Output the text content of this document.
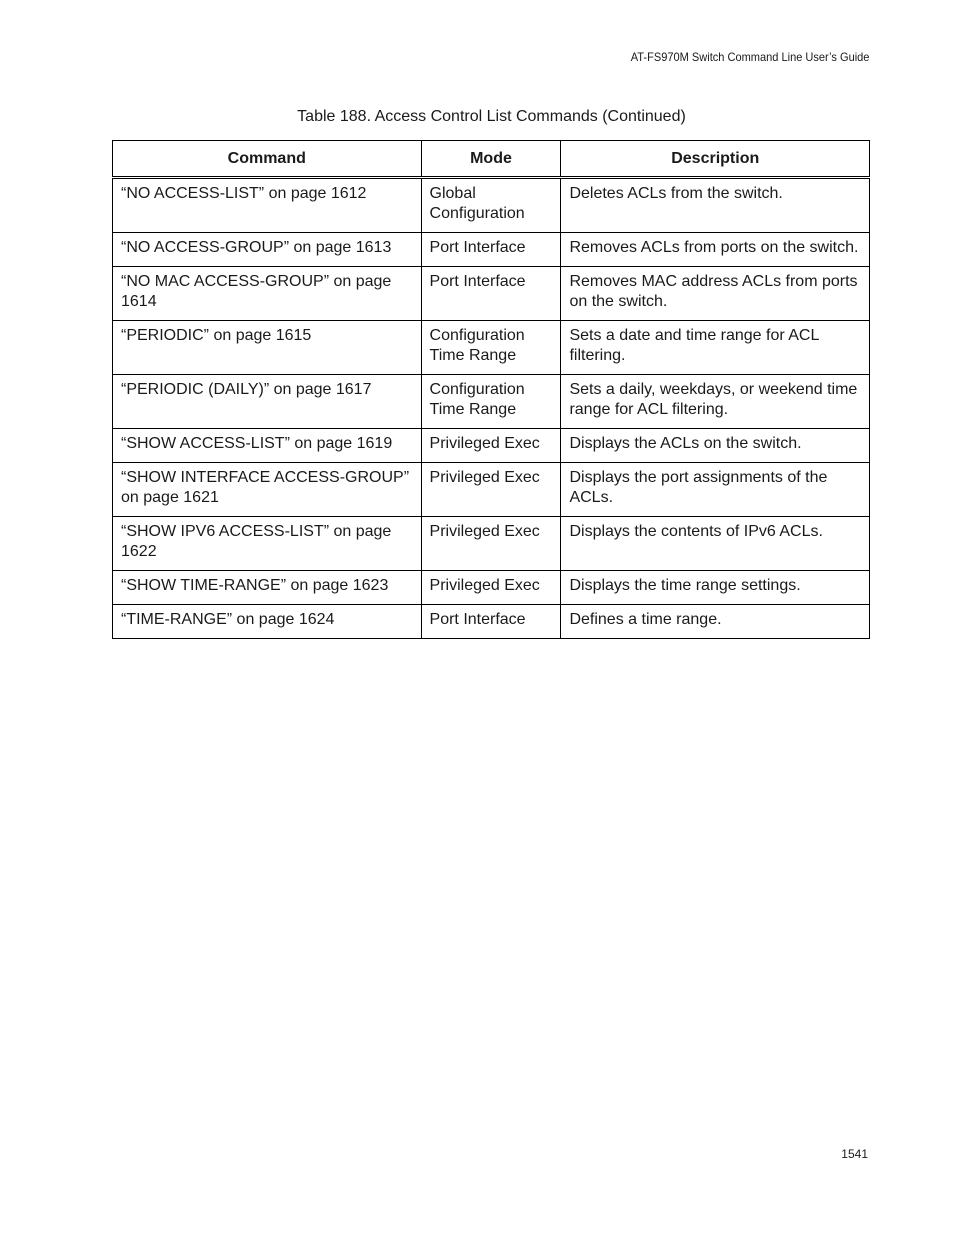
AT-FS970M Switch Command Line User’s Guide
Table 188. Access Control List Commands (Continued)
Command	Mode	Description
“NO ACCESS-LIST” on page 1612	Global Configuration	Deletes ACLs from the switch.
“NO ACCESS-GROUP” on page 1613	Port Interface	Removes ACLs from ports on the switch.
“NO MAC ACCESS-GROUP” on page 1614	Port Interface	Removes MAC address ACLs from ports on the switch.
“PERIODIC” on page 1615	Configuration Time Range	Sets a date and time range for ACL filtering.
“PERIODIC (DAILY)” on page 1617	Configuration Time Range	Sets a daily, weekdays, or weekend time range for ACL filtering.
“SHOW ACCESS-LIST” on page 1619	Privileged Exec	Displays the ACLs on the switch.
“SHOW INTERFACE ACCESS-GROUP” on page 1621	Privileged Exec	Displays the port assignments of the ACLs.
“SHOW IPV6 ACCESS-LIST” on page 1622	Privileged Exec	Displays the contents of IPv6 ACLs.
“SHOW TIME-RANGE” on page 1623	Privileged Exec	Displays the time range settings.
“TIME-RANGE” on page 1624	Port Interface	Defines a time range.
1541
